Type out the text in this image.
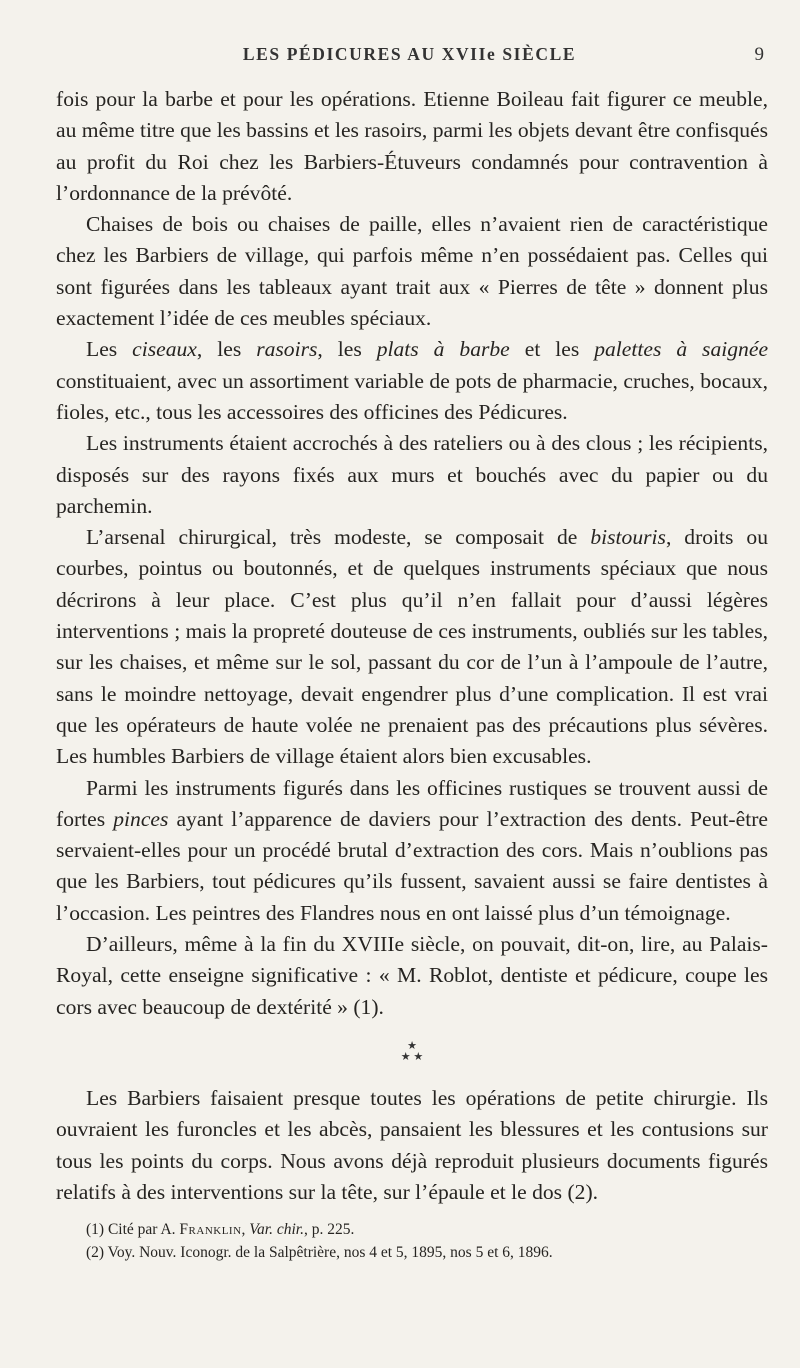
LES PÉDICURES AU XVIIe SIÈCLE	9

fois pour la barbe et pour les opérations. Etienne Boileau fait figurer ce meuble, au même titre que les bassins et les rasoirs, parmi les objets devant être confisqués au profit du Roi chez les Barbiers-Étuveurs condamnés pour contravention à l’ordonnance de la prévôté.

Chaises de bois ou chaises de paille, elles n’avaient rien de caractéristique chez les Barbiers de village, qui parfois même n’en possédaient pas. Celles qui sont figurées dans les tableaux ayant trait aux « Pierres de tête » donnent plus exactement l’idée de ces meubles spéciaux.

Les ciseaux, les rasoirs, les plats à barbe et les palettes à saignée constituaient, avec un assortiment variable de pots de pharmacie, cruches, bocaux, fioles, etc., tous les accessoires des officines des Pédicures.

Les instruments étaient accrochés à des rateliers ou à des clous ; les récipients, disposés sur des rayons fixés aux murs et bouchés avec du papier ou du parchemin.

L’arsenal chirurgical, très modeste, se composait de bistouris, droits ou courbes, pointus ou boutonnés, et de quelques instruments spéciaux que nous décrirons à leur place. C’est plus qu’il n’en fallait pour d’aussi légères interventions ; mais la propreté douteuse de ces instruments, oubliés sur les tables, sur les chaises, et même sur le sol, passant du cor de l’un à l’ampoule de l’autre, sans le moindre nettoyage, devait engendrer plus d’une complication. Il est vrai que les opérateurs de haute volée ne prenaient pas des précautions plus sévères. Les humbles Barbiers de village étaient alors bien excusables.

Parmi les instruments figurés dans les officines rustiques se trouvent aussi de fortes pinces ayant l’apparence de daviers pour l’extraction des dents. Peut-être servaient-elles pour un procédé brutal d’extraction des cors. Mais n’oublions pas que les Barbiers, tout pédicures qu’ils fussent, savaient aussi se faire dentistes à l’occasion. Les peintres des Flandres nous en ont laissé plus d’un témoignage.

D’ailleurs, même à la fin du XVIIIe siècle, on pouvait, dit-on, lire, au Palais-Royal, cette enseigne significative : « M. Roblot, dentiste et pédicure, coupe les cors avec beaucoup de dextérité » (1).

★
★ ★

Les Barbiers faisaient presque toutes les opérations de petite chirurgie. Ils ouvraient les furoncles et les abcès, pansaient les blessures et les contusions sur tous les points du corps. Nous avons déjà reproduit plusieurs documents figurés relatifs à des interventions sur la tête, sur l’épaule et le dos (2).

(1) Cité par A. Franklin, Var. chir., p. 225.

(2) Voy. Nouv. Iconogr. de la Salpêtrière, nos 4 et 5, 1895, nos 5 et 6, 1896.
